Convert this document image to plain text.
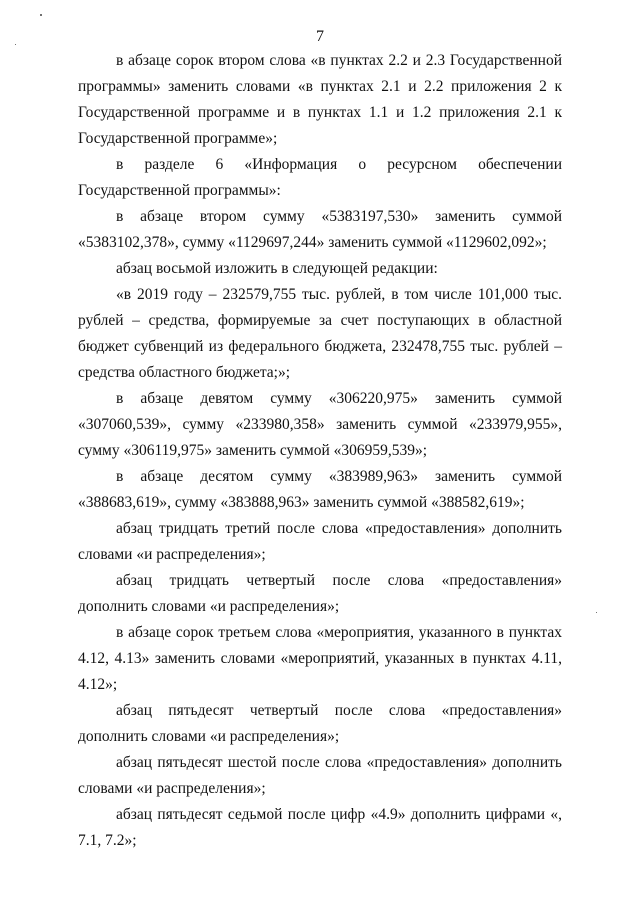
7

в абзаце сорок втором слова «в пунктах 2.2 и 2.3 Государственной программы» заменить словами «в пунктах 2.1 и 2.2 приложения 2 к Государственной программе и в пунктах 1.1 и 1.2 приложения 2.1 к Государственной программе»;

в разделе 6 «Информация о ресурсном обеспечении Государственной программы»:

в абзаце втором сумму «5383197,530» заменить суммой «5383102,378», сумму «1129697,244» заменить суммой «1129602,092»;

абзац восьмой изложить в следующей редакции:

«в 2019 году – 232579,755 тыс. рублей, в том числе 101,000 тыс. рублей – средства, формируемые за счет поступающих в областной бюджет субвенций из федерального бюджета, 232478,755 тыс. рублей – средства областного бюджета;»;

в абзаце девятом сумму «306220,975» заменить суммой «307060,539», сумму «233980,358» заменить суммой «233979,955», сумму «306119,975» заменить суммой «306959,539»;

в абзаце десятом сумму «383989,963» заменить суммой «388683,619», сумму «383888,963» заменить суммой «388582,619»;

абзац тридцать третий после слова «предоставления» дополнить словами «и распределения»;

абзац тридцать четвертый после слова «предоставления» дополнить словами «и распределения»;

в абзаце сорок третьем слова «мероприятия, указанного в пунктах 4.12, 4.13» заменить словами «мероприятий, указанных в пунктах 4.11, 4.12»;

абзац пятьдесят четвертый после слова «предоставления» дополнить словами «и распределения»;

абзац пятьдесят шестой после слова «предоставления» дополнить словами «и распределения»;

абзац пятьдесят седьмой после цифр «4.9» дополнить цифрами «, 7.1, 7.2»;
